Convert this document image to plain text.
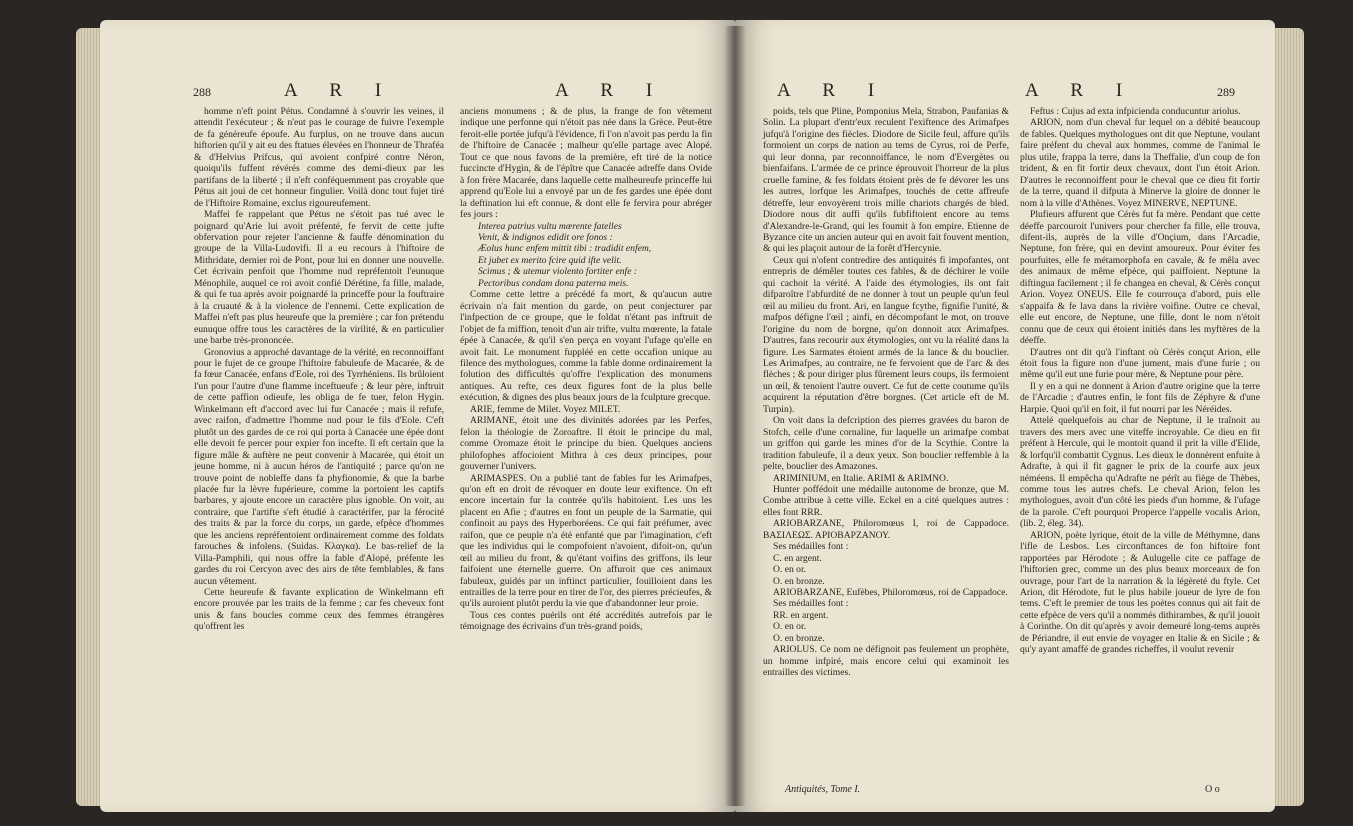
288	A R I	A R I

homme n'eft point Pétus. Condamné à s'ouvrir les veines, il attendit l'exécuteur ; & n'eut pas le courage de fuivre l'exemple de fa généreufe époufe. Au furplus, on ne trouve dans aucun hiftorien qu'il y ait eu des ftatues élevées en l'honneur de Thraféa & d'Helvius Prifcus, qui avoient confpiré contre Néron, quoiqu'ils fuffent révérés comme des demi-dieux par les partifans de la liberté ; il n'eft conféquemment pas croyable que Pétus ait joui de cet honneur fingulier. Voilà donc tout fujet tiré de l'Hiftoire Romaine, exclus rigoureufement.

Maffei fe rappelant que Pétus ne s'étoit pas tué avec le poignard qu'Arie lui avoit préfenté, fe fervit de cette jufte obfervation pour rejeter l'ancienne & fauffe dénomination du groupe de la Villa-Ludovifi. Il a eu recours à l'hiftoire de Mithridate, dernier roi de Pont, pour lui en donner une nouvelle. Cet écrivain penfoit que l'homme nud repréfentoit l'eunuque Ménophile, auquel ce roi avoit confié Dérétine, fa fille, malade, & qui fe tua après avoir poignardé la princeffe pour la fouftraire à la cruauté & à la violence de l'ennemi. Cette explication de Maffei n'eft pas plus heureufe que la première ; car fon prétendu eunuque offre tous les caractères de la virilité, & en particulier une barbe très-prononcée.

Gronovius a approché davantage de la vérité, en reconnoiffant pour le fujet de ce groupe l'hiftoire fabuleufe de Macarée, & de fa fœur Canacée, enfans d'Eole, roi des Tyrrhéniens. Ils brûloient l'un pour l'autre d'une flamme inceftueufe ; & leur père, inftruit de cette paffion odieufe, les obliga de fe tuer, felon Hygin. Winkelmann eft d'accord avec lui fur Canacée ; mais il refufe, avec raifon, d'admettre l'homme nud pour le fils d'Eole. C'eft plutôt un des gardes de ce roi qui porta à Canacée une épée dont elle devoit fe percer pour expier fon incefte. Il eft certain que la figure mâle & auftère ne peut convenir à Macarée, qui étoit un jeune homme, ni à aucun héros de l'antiquité ; parce qu'on ne trouve point de nobleffe dans fa phyfionomie, & que la barbe placée fur la lèvre fupérieure, comme la portoient les captifs barbares, y ajoute encore un caractère plus ignoble. On voit, au contraire, que l'artifte s'eft étudié à caractérifer, par la férocité des traits & par la force du corps, un garde, efpèce d'hommes que les anciens repréfentoient ordinairement comme des foldats farouches & infolens. (Suidas. Κλαγκα). Le bas-relief de la Villa-Pamphili, qui nous offre la fable d'Alopé, préfente les gardes du roi Cercyon avec des airs de tête femblables, & fans aucun vêtement.

Cette heureufe & favante explication de Winkelmann eft encore prouvée par les traits de la femme ; car fes cheveux font unis & fans boucles comme ceux des femmes étrangères qu'offrent les

anciens monumens ; & de plus, la frange de fon vêtement indique une perfonne qui n'étoit pas née dans la Grèce. Peut-être feroit-elle portée jufqu'à l'évidence, fi l'on n'avoit pas perdu la fin de l'hiftoire de Canacée ; malheur qu'elle partage avec Alopé. Tout ce que nous favons de la première, eft tiré de la notice fuccincte d'Hygin, & de l'épître que Canacée adreffe dans Ovide à fon frère Macarée, dans laquelle cette malheureufe princeffe lui apprend qu'Eole lui a envoyé par un de fes gardes une épée dont la deftination lui eft connue, & dont elle fe fervira pour abréger fes jours :

Interea patrius vultu mœrente fatelles

Venit, & indignos edidit ore fonos :

Æolus hunc enfem mittit tibi : tradidit enfem,

Et jubet ex merito fcire quid ifte velit.

Scimus ; & utemur violento fortiter enfe :

Pectoribus condam dona paterna meis.

Comme cette lettre a précédé fa mort, & qu'aucun autre écrivain n'a fait mention du garde, on peut conjecturer par l'infpection de ce groupe, que le foldat n'étant pas inftruit de l'objet de fa miffion, tenoit d'un air trifte, vultu mœrente, la fatale épée à Canacée, & qu'il s'en perça en voyant l'ufage qu'elle en avoit fait. Le monument fuppléé en cette occafion unique au filence des mythologues, comme la fable donne ordinairement la folution des difficultés qu'offre l'explication des monumens antiques. Au refte, ces deux figures font de la plus belle exécution, & dignes des plus beaux jours de la fculpture grecque.

ARIE, femme de Milet. Voyez MILET.

ARIMANE, étoit une des divinités adorées par les Perfes, felon la théologie de Zoroaftre. Il étoit le principe du mal, comme Oromaze étoit le principe du bien. Quelques anciens philofophes affocioient Mithra à ces deux principes, pour gouverner l'univers.

ARIMASPES. On a publié tant de fables fur les Arimafpes, qu'on eft en droit de révoquer en doute leur exiftence. On eft encore incertain fur la contrée qu'ils habitoient. Les uns les placent en Afie ; d'autres en font un peuple de la Sarmatie, qui confinoit au pays des Hyperboréens. Ce qui fait préfumer, avec raifon, que ce peuple n'a été enfanté que par l'imagination, c'eft que les individus qui le compofoient n'avoient, difoit-on, qu'un œil au milieu du front, & qu'étant voifins des griffons, ils leur faifoient une éternelle guerre. On affuroit que ces animaux fabuleux, guidés par un inftinct particulier, fouilloient dans les entrailles de la terre pour en tirer de l'or, des pierres précieufes, & qu'ils auroient plutôt perdu la vie que d'abandonner leur proie.

Tous ces contes puérils ont été accrédités autrefois par le témoignage des écrivains d'un très-grand poids,

A R I	A R I	289

poids, tels que Pline, Pomponius Mela, Strabon, Paufanias & Solin. La plupart d'entr'eux reculent l'exiftence des Arimafpes jufqu'à l'origine des fiècles. Diodore de Sicile feul, affure qu'ils formoient un corps de nation au tems de Cyrus, roi de Perfe, qui leur donna, par reconnoiffance, le nom d'Evergètes ou bienfaifans. L'armée de ce prince éprouvoit l'horreur de la plus cruelle famine, & fes foldats étoient près de fe dévorer les uns les autres, lorfque les Arimafpes, touchés de cette affreufe détreffe, leur envoyèrent trois mille chariots chargés de bled. Diodore nous dit auffi qu'ils fubfiftoient encore au tems d'Alexandre-le-Grand, qui les foumit à fon empire. Etienne de Byzance cite un ancien auteur qui en avoit fait fouvent mention, & qui les plaçoit autour de la forêt d'Hercynie.

Ceux qui n'ofent contredire des antiquités fi impofantes, ont entrepris de démêler toutes ces fables, & de déchirer le voile qui cachoit la vérité. A l'aide des étymologies, ils ont fait difparoître l'abfurdité de ne donner à tout un peuple qu'un feul œil au milieu du front. Ari, en langue fcythe, fignifie l'unité, & mafpos défigne l'œil ; ainfi, en décompofant le mot, on trouve l'origine du nom de borgne, qu'on donnoit aux Arimafpes. D'autres, fans recourir aux étymologies, ont vu la réalité dans la figure. Les Sarmates étoient armés de la lance & du bouclier. Les Arimafpes, au contraire, ne fe fervoient que de l'arc & des flèches ; & pour diriger plus fûrement leurs coups, ils fermoient un œil, & tenoient l'autre ouvert. Ce fut de cette coutume qu'ils acquirent la réputation d'être borgnes. (Cet article eft de M. Turpin).

On voit dans la defcription des pierres gravées du baron de Stofch, celle d'une cornaline, fur laquelle un arimafpe combat un griffon qui garde les mines d'or de la Scythie. Contre la tradition fabuleufe, il a deux yeux. Son bouclier reffemble à la pelte, bouclier des Amazones.

ARIMINIUM, en Italie. ARIMI & ARIMNO.

Hunter poffédoit une médaille autonome de bronze, que M. Combe attribue à cette ville. Eckel en a cité quelques autres : elles font RRR.

ARIOBARZANE, Philoromœus I, roi de Cappadoce. ΒΑΣΙΛΕΩΣ. ΑΡΙΟΒΑΡΖΑΝΟΥ.

Ses médailles font :

C. en argent.

O. en or.

O. en bronze.

ARIOBARZANE, Eufèbes, Philoromœus, roi de Cappadoce.

Ses médailles font :

RR. en argent.

O. en or.

O. en bronze.

ARIOLUS. Ce nom ne défignoit pas feulement un prophète, un homme infpiré, mais encore celui qui examinoit les entrailles des victimes.

Feftus : Cujus ad exta infpicienda conducuntur ariolus.

ARION, nom d'un cheval fur lequel on a débité beaucoup de fables. Quelques mythologues ont dit que Neptune, voulant faire préfent du cheval aux hommes, comme de l'animal le plus utile, frappa la terre, dans la Theffalie, d'un coup de fon trident, & en fit fortir deux chevaux, dont l'un étoit Arion. D'autres le reconnoiffent pour le cheval que ce dieu fit fortir de la terre, quand il difputa à Minerve la gloire de donner le nom à la ville d'Athènes. Voyez MINERVE, NEPTUNE.

Plufieurs affurent que Cérès fut fa mère. Pendant que cette déeffe parcouroit l'univers pour chercher fa fille, elle trouva, difent-ils, auprès de la ville d'Onçium, dans l'Arcadie, Neptune, fon frère, qui en devint amoureux. Pour éviter fes pourfuites, elle fe métamorphofa en cavale, & fe mêla avec des animaux de même efpèce, qui paiffoient. Neptune la diftingua facilement ; il fe changea en cheval, & Cérès conçut Arion. Voyez ONEUS. Elle fe courrouça d'abord, puis elle s'appaifa & fe lava dans la rivière voifine. Outre ce cheval, elle eut encore, de Neptune, une fille, dont le nom n'étoit connu que de ceux qui étoient initiés dans les myftères de la déeffe.

D'autres ont dit qu'à l'inftant où Cérès conçut Arion, elle étoit fous la figure non d'une jument, mais d'une furie ; ou même qu'il eut une furie pour mère, & Neptune pour père.

Il y en a qui ne donnent à Arion d'autre origine que la terre de l'Arcadie ; d'autres enfin, le font fils de Zéphyre & d'une Harpie. Quoi qu'il en foit, il fut nourri par les Néréides.

Attelé quelquefois au char de Neptune, il le traînoit au travers des mers avec une viteffe incroyable. Ce dieu en fit préfent à Hercule, qui le montoit quand il prit la ville d'Elide, & lorfqu'il combattit Cygnus. Les dieux le donnèrent enfuite à Adrafte, à qui il fit gagner le prix de la courfe aux jeux néméens. Il empêcha qu'Adrafte ne pérît au fiège de Thèbes, comme tous les autres chefs. Le cheval Arion, felon les mythologues, avoit d'un côté les pieds d'un homme, & l'ufage de la parole. C'eft pourquoi Properce l'appelle vocalis Arion, (lib. 2, éleg. 34).

ARION, poète lyrique, étoit de la ville de Méthymne, dans l'ifle de Lesbos. Les circonftances de fon hiftoire font rapportées par Hérodote ; & Aulugelle cite ce paffage de l'hiftorien grec, comme un des plus beaux morceaux de fon ouvrage, pour l'art de la narration & la légèreté du ftyle. Cet Arion, dit Hérodote, fut le plus habile joueur de lyre de fon tems. C'eft le premier de tous les poètes connus qui ait fait de cette efpèce de vers qu'il a nommés dithirambes, & qu'il jouoit à Corinthe. On dit qu'après y avoir demeuré long-tems auprès de Périandre, il eut envie de voyager en Italie & en Sicile ; & qu'y ayant amaffé de grandes richeffes, il voulut revenir

Antiquités, Tome I.	O o
